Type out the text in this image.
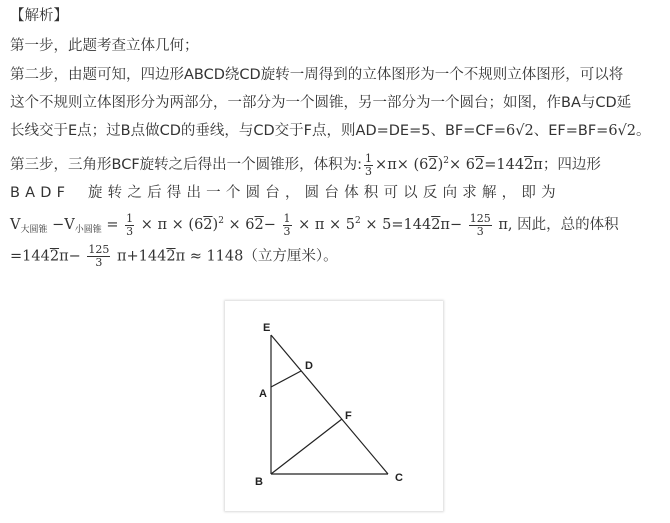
【解析】
第一步，此题考查立体几何；
第二步，由题可知，四边形ABCD绕CD旋转一周得到的立体图形为一个不规则立体图形，可以将
这个不规则立体图形分为两部分，一部分为一个圆锥，另一部分为一个圆台；如图，作BA与CD延
长线交于E点；过B点做CD的垂线，与CD交于F点，则AD=DE=5、BF=CF=6√2、EF=BF=6√2。
第三步，三角形BCF旋转之后得出一个圆锥形，体积为: $\frac{1}{3} \times\pi\times (62)^2\times 62=1442\pi$；四边形
BADF 旋转之后得出一个圆台，圆台体积可以反向求解，即为
$V_{大圆锥} -V_{小圆锥} = \frac{1}{3} \times \pi \times (62)^2 \times 62- \frac{1}{3} \times \pi \times 5^2 \times 5=1442\pi- \frac{125}{3} \pi$, 因此，总的体积
$=1442\pi- \frac{125}{3} \pi+1442\pi \approx 1148$（立方厘米）。
E
D
A
F
B	C
